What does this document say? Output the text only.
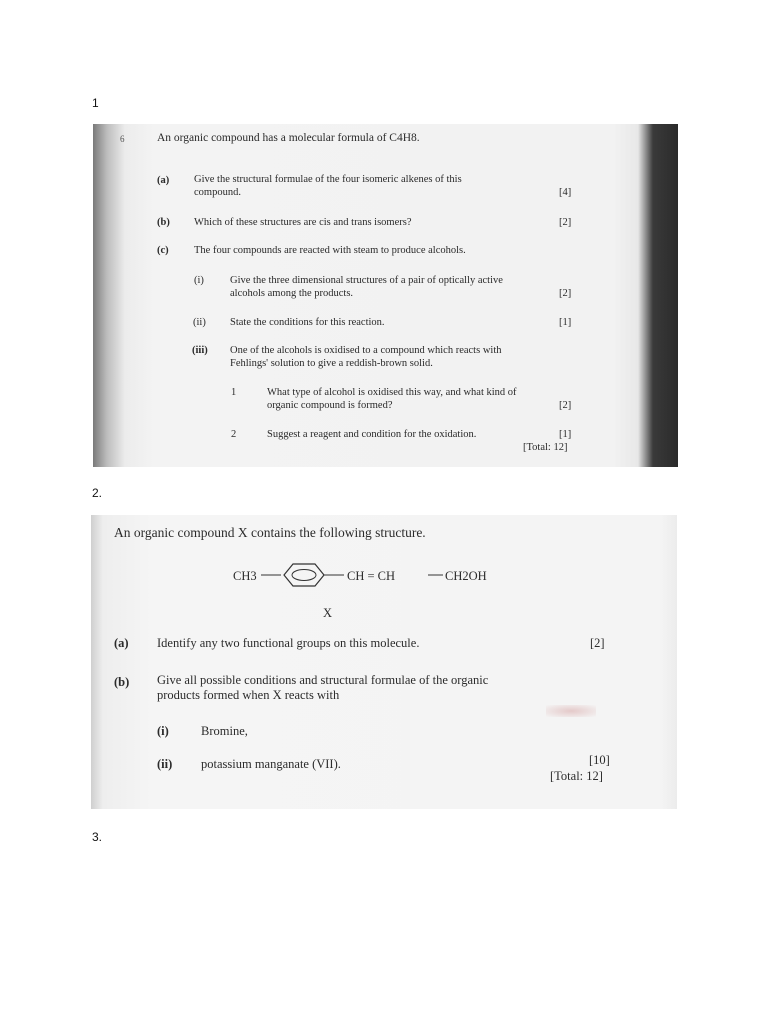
1
6	An organic compound has a molecular formula of C4H8.
(a) Give the structural formulae of the four isomeric alkenes of this
compound.	[4]
(b) Which of these structures are cis and trans isomers?	[2]
(c) The four compounds are reacted with steam to produce alcohols.
(i) Give the three dimensional structures of a pair of optically active
alcohols among the products.	[2]
(ii) State the conditions for this reaction.	[1]
(iii) One of the alcohols is oxidised to a compound which reacts with
Fehlings' solution to give a reddish-brown solid.
1	What type of alcohol is oxidised this way, and what kind of
organic compound is formed?	[2]
2	Suggest a reagent and condition for the oxidation.	[1]
[Total: 12]
2.
An organic compound X contains the following structure.
CH3	CH = CH	CH2OH
X
(a) Identify any two functional groups on this molecule.	[2]
(b) Give all possible conditions and structural formulae of the organic
products formed when X reacts with
(i)	Bromine,
(ii) potassium manganate (VII).	[10]
[Total: 12]
3.
